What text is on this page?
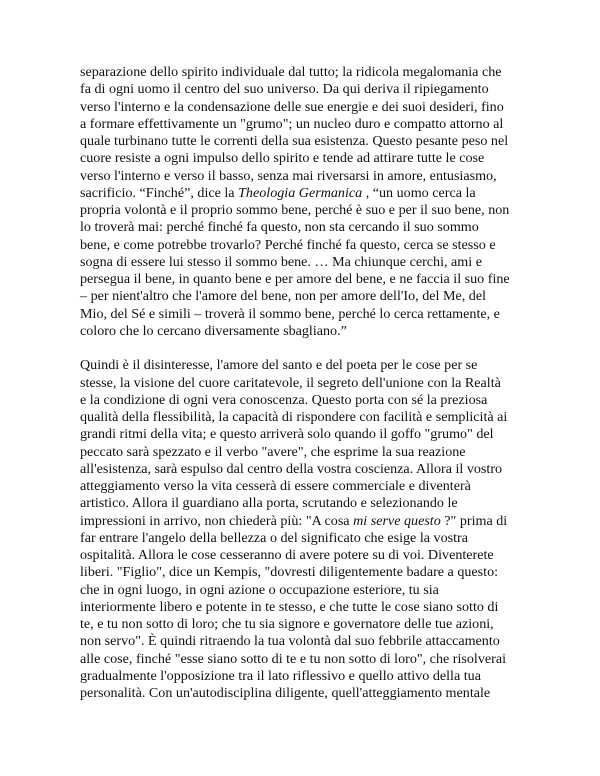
separazione dello spirito individuale dal tutto; la ridicola megalomania che
fa di ogni uomo il centro del suo universo. Da qui deriva il ripiegamento
verso l'interno e la condensazione delle sue energie e dei suoi desideri, fino
a formare effettivamente un "grumo"; un nucleo duro e compatto attorno al
quale turbinano tutte le correnti della sua esistenza. Questo pesante peso nel
cuore resiste a ogni impulso dello spirito e tende ad attirare tutte le cose
verso l'interno e verso il basso, senza mai riversarsi in amore, entusiasmo,
sacrificio. “Finché”, dice la Theologia Germanica , “un uomo cerca la
propria volontà e il proprio sommo bene, perché è suo e per il suo bene, non
lo troverà mai: perché finché fa questo, non sta cercando il suo sommo
bene, e come potrebbe trovarlo? Perché finché fa questo, cerca se stesso e
sogna di essere lui stesso il sommo bene. … Ma chiunque cerchi, ami e
persegua il bene, in quanto bene e per amore del bene, e ne faccia il suo fine
– per nient'altro che l'amore del bene, non per amore dell'Io, del Me, del
Mio, del Sé e simili – troverà il sommo bene, perché lo cerca rettamente, e
coloro che lo cercano diversamente sbagliano.”
Quindi è il disinteresse, l'amore del santo e del poeta per le cose per se
stesse, la visione del cuore caritatevole, il segreto dell'unione con la Realtà
e la condizione di ogni vera conoscenza. Questo porta con sé la preziosa
qualità della flessibilità, la capacità di rispondere con facilità e semplicità ai
grandi ritmi della vita; e questo arriverà solo quando il goffo "grumo" del
peccato sarà spezzato e il verbo "avere", che esprime la sua reazione
all'esistenza, sarà espulso dal centro della vostra coscienza. Allora il vostro
atteggiamento verso la vita cesserà di essere commerciale e diventerà
artistico. Allora il guardiano alla porta, scrutando e selezionando le
impressioni in arrivo, non chiederà più: "A cosa mi serve questo ?" prima di
far entrare l'angelo della bellezza o del significato che esige la vostra
ospitalità. Allora le cose cesseranno di avere potere su di voi. Diventerete
liberi. "Figlio", dice un Kempis, "dovresti diligentemente badare a questo:
che in ogni luogo, in ogni azione o occupazione esteriore, tu sia
interiormente libero e potente in te stesso, e che tutte le cose siano sotto di
te, e tu non sotto di loro; che tu sia signore e governatore delle tue azioni,
non servo". È quindi ritraendo la tua volontà dal suo febbrile attaccamento
alle cose, finché "esse siano sotto di te e tu non sotto di loro", che risolverai
gradualmente l'opposizione tra il lato riflessivo e quello attivo della tua
personalità. Con un'autodisciplina diligente, quell'atteggiamento mentale
